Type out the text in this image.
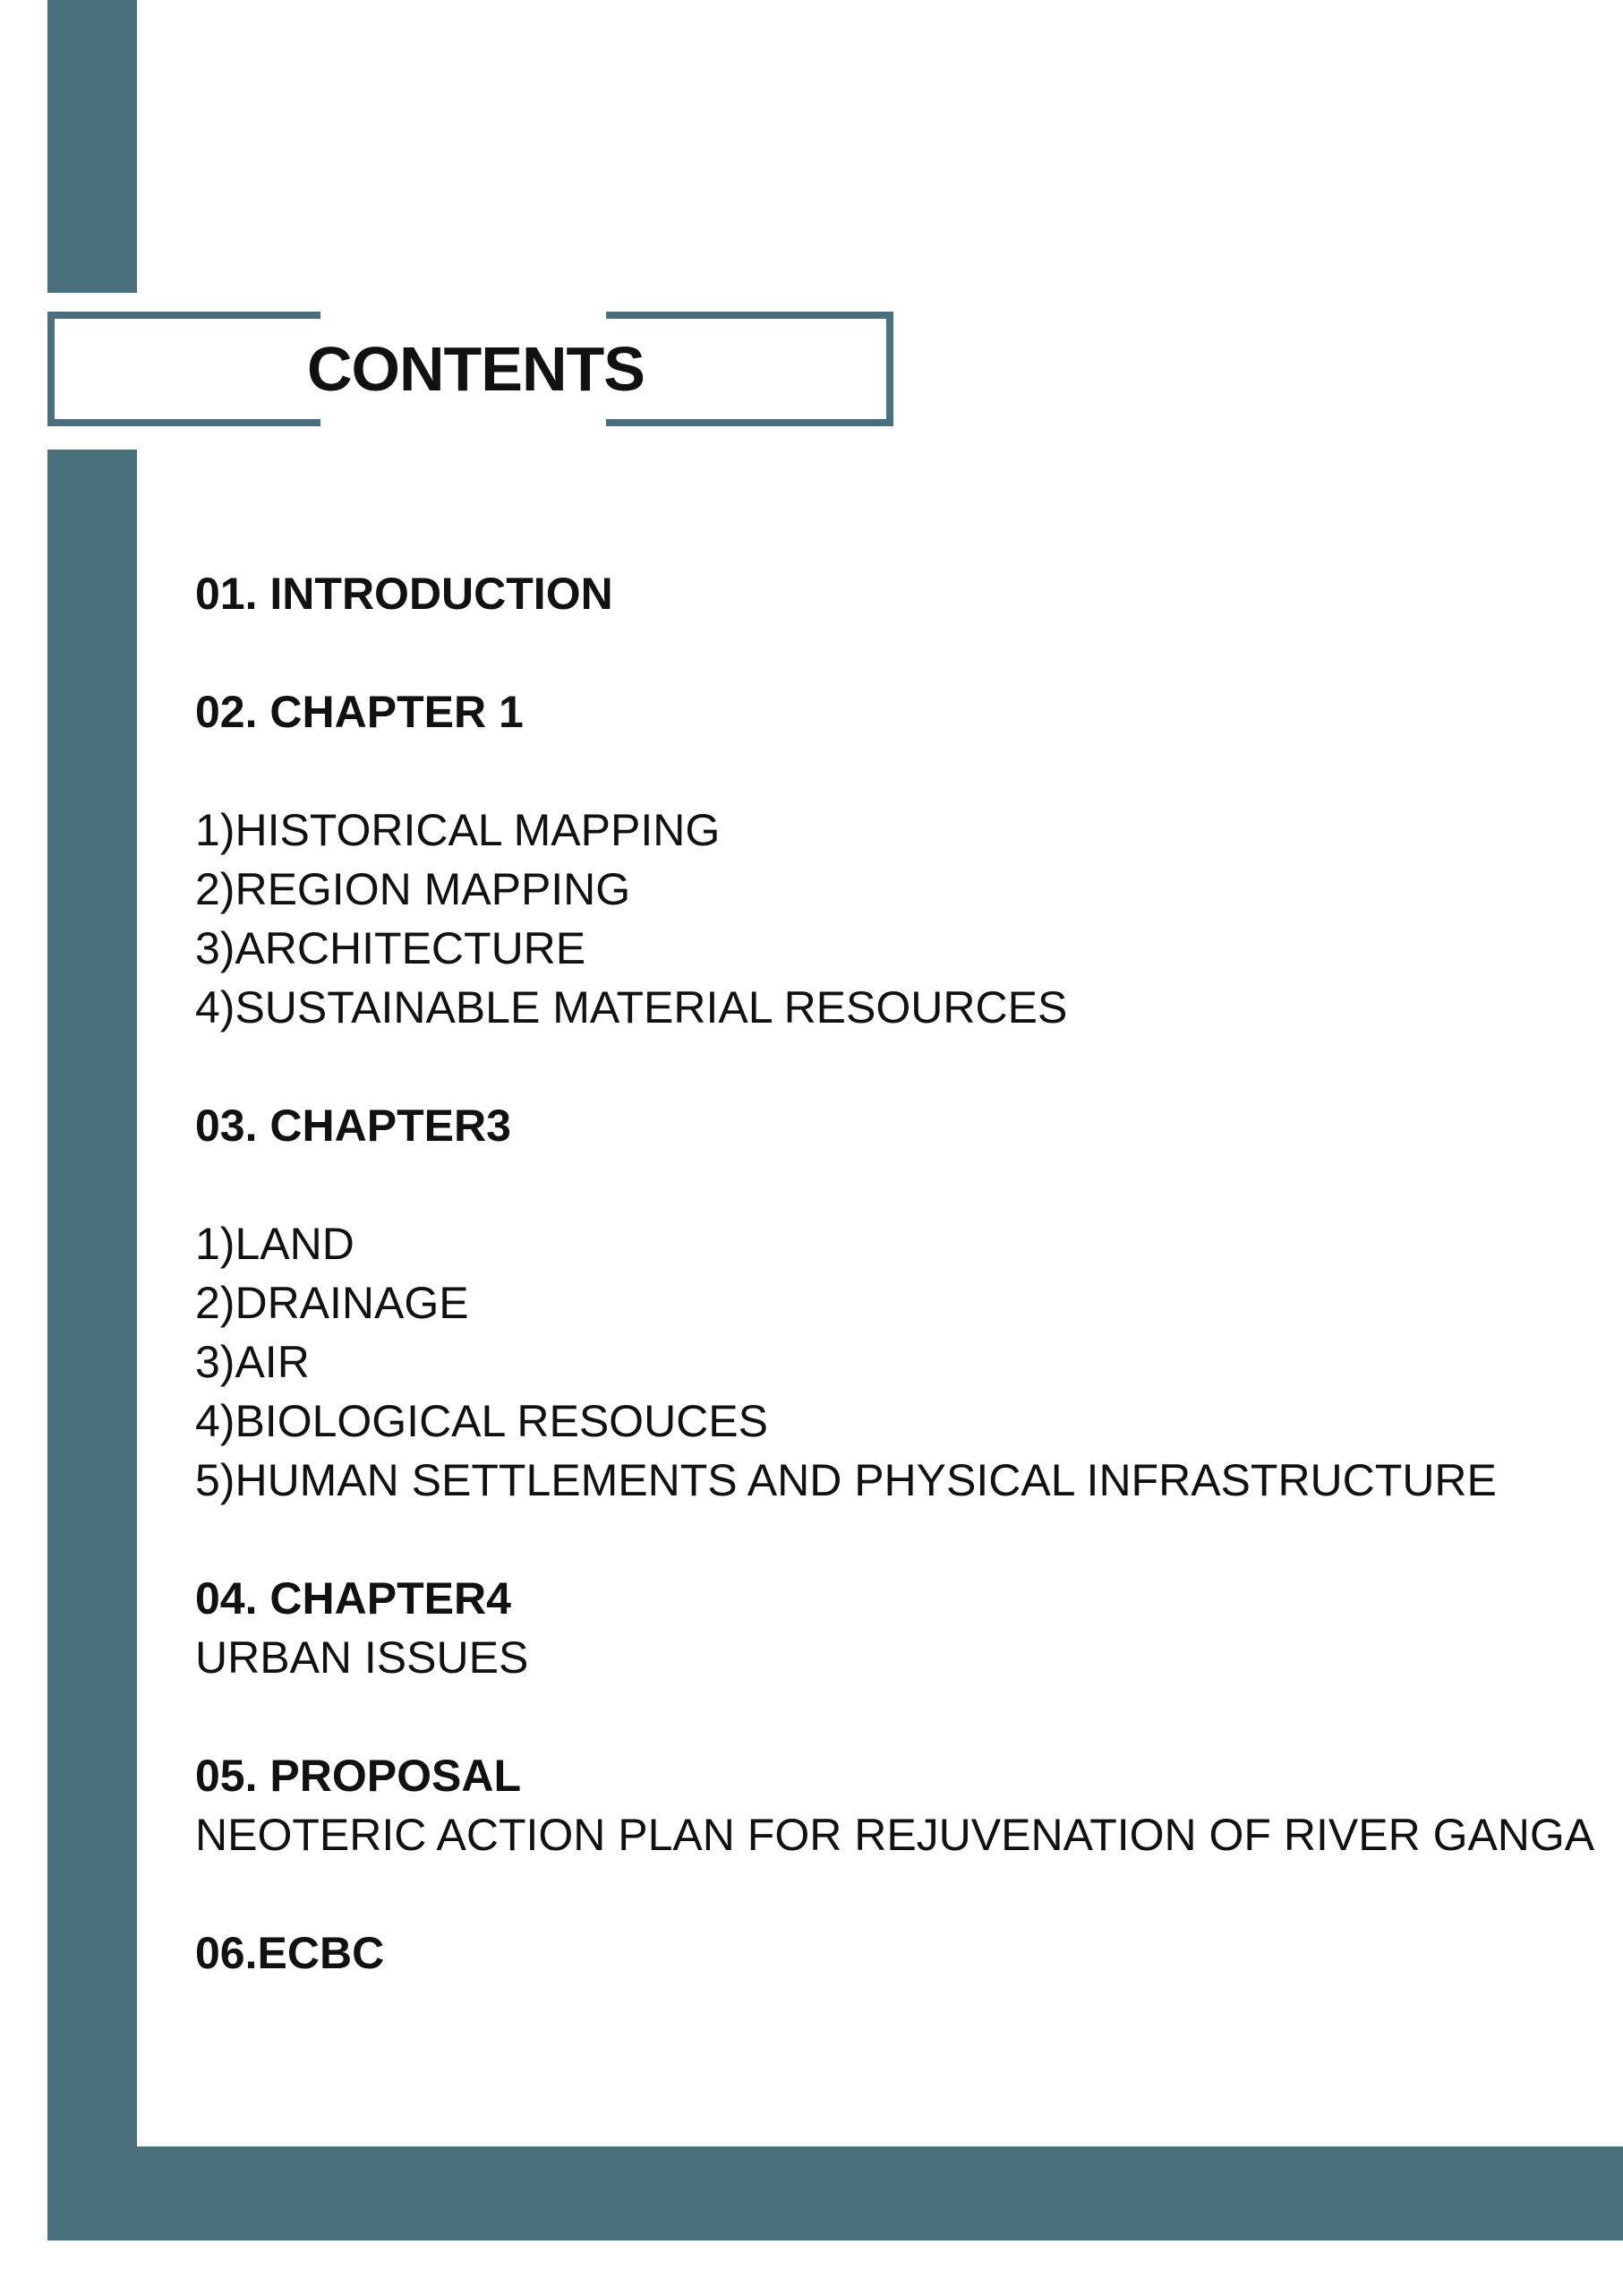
CONTENTS
01. INTRODUCTION
02. CHAPTER 1
1)HISTORICAL MAPPING
2)REGION MAPPING
3)ARCHITECTURE
4)SUSTAINABLE MATERIAL RESOURCES
03. CHAPTER3
1)LAND
2)DRAINAGE
3)AIR
4)BIOLOGICAL RESOUCES
5)HUMAN SETTLEMENTS AND PHYSICAL INFRASTRUCTURE
04. CHAPTER4
URBAN ISSUES
05. PROPOSAL
NEOTERIC ACTION PLAN FOR REJUVENATION OF RIVER GANGA
06.ECBC
